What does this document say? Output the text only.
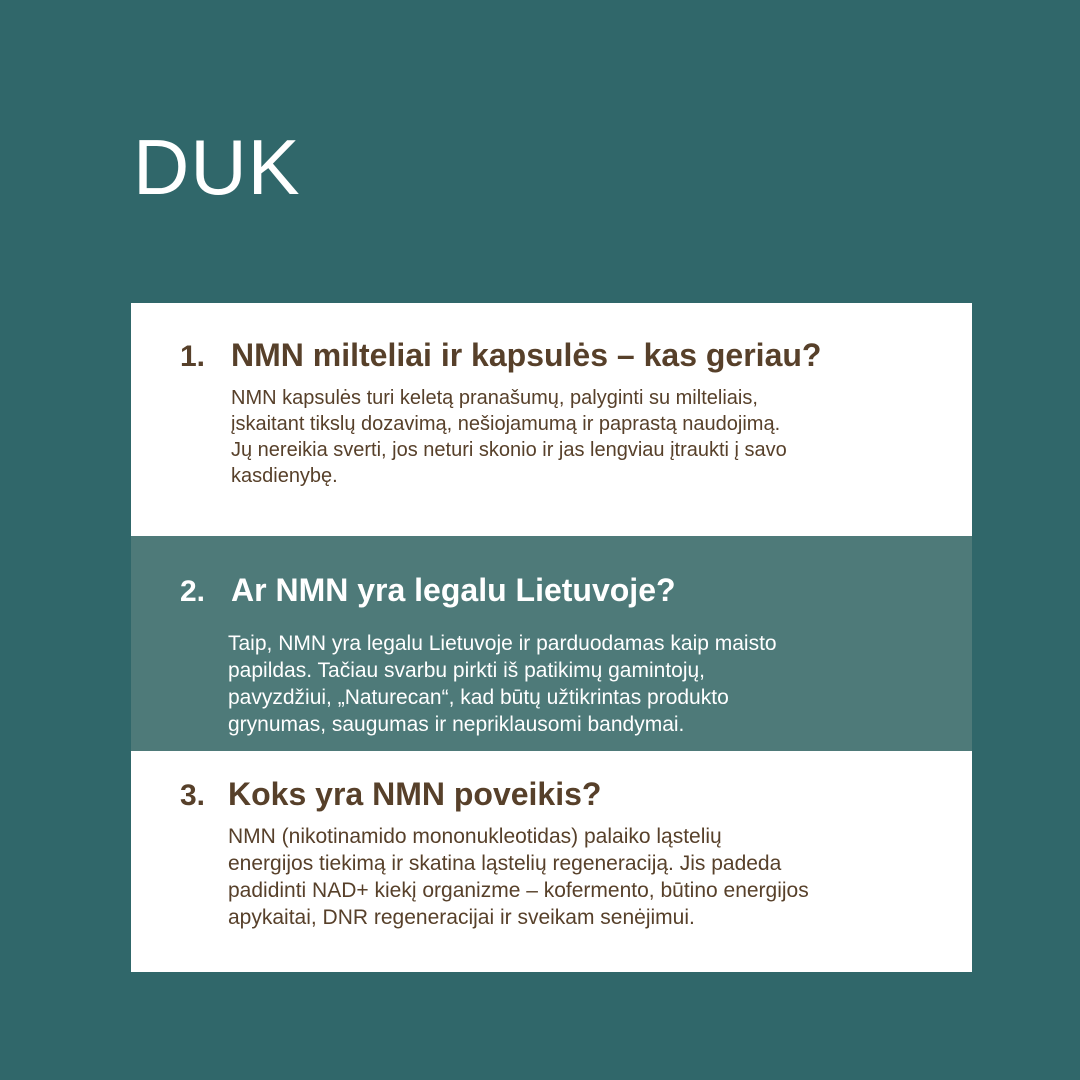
DUK
1. NMN milteliai ir kapsulės – kas geriau?

NMN kapsulės turi keletą pranašumų, palyginti su milteliais,
įskaitant tikslų dozavimą, nešiojamumą ir paprastą naudojimą.
Jų nereikia sverti, jos neturi skonio ir jas lengviau įtraukti į savo
kasdienybę.

2. Ar NMN yra legalu Lietuvoje?

Taip, NMN yra legalu Lietuvoje ir parduodamas kaip maisto
papildas. Tačiau svarbu pirkti iš patikimų gamintojų,
pavyzdžiui, „Naturecan“, kad būtų užtikrintas produkto
grynumas, saugumas ir nepriklausomi bandymai.

3. Koks yra NMN poveikis?

NMN (nikotinamido mononukleotidas) palaiko ląstelių
energijos tiekimą ir skatina ląstelių regeneraciją. Jis padeda
padidinti NAD+ kiekį organizme – kofermento, būtino energijos
apykaitai, DNR regeneracijai ir sveikam senėjimui.
